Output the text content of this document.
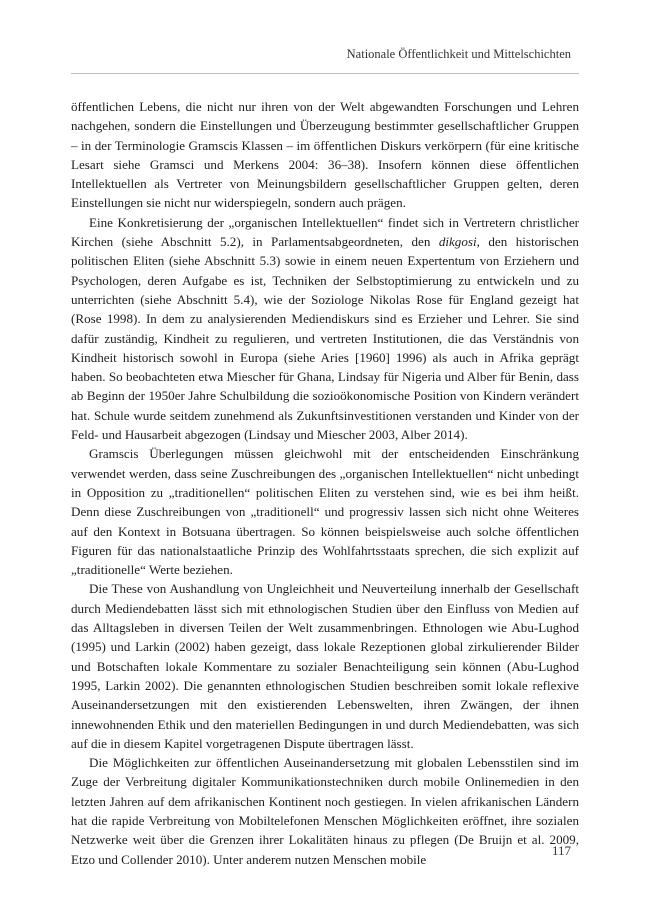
Nationale Öffentlichkeit und Mittelschichten

öffentlichen Lebens, die nicht nur ihren von der Welt abgewandten Forschungen und Lehren nachgehen, sondern die Einstellungen und Überzeugung bestimmter gesellschaftlicher Gruppen – in der Terminologie Gramscis Klassen – im öffentlichen Diskurs verkörpern (für eine kritische Lesart siehe Gramsci und Merkens 2004: 36–38). Insofern können diese öffentlichen Intellektuellen als Vertreter von Meinungsbildern gesellschaftlicher Gruppen gelten, deren Einstellungen sie nicht nur widerspiegeln, sondern auch prägen.

Eine Konkretisierung der „organischen Intellektuellen“ findet sich in Vertretern christlicher Kirchen (siehe Abschnitt 5.2), in Parlamentsabgeordneten, den dikgosi, den historischen politischen Eliten (siehe Abschnitt 5.3) sowie in einem neuen Expertentum von Erziehern und Psychologen, deren Aufgabe es ist, Techniken der Selbstoptimierung zu entwickeln und zu unterrichten (siehe Abschnitt 5.4), wie der Soziologe Nikolas Rose für England gezeigt hat (Rose 1998). In dem zu analysierenden Mediendiskurs sind es Erzieher und Lehrer. Sie sind dafür zuständig, Kindheit zu regulieren, und vertreten Institutionen, die das Verständnis von Kindheit historisch sowohl in Europa (siehe Aries [1960] 1996) als auch in Afrika geprägt haben. So beobachteten etwa Miescher für Ghana, Lindsay für Nigeria und Alber für Benin, dass ab Beginn der 1950er Jahre Schulbildung die sozioökonomische Position von Kindern verändert hat. Schule wurde seitdem zunehmend als Zukunftsinvestitionen verstanden und Kinder von der Feld- und Hausarbeit abgezogen (Lindsay und Miescher 2003, Alber 2014).

Gramscis Überlegungen müssen gleichwohl mit der entscheidenden Einschränkung verwendet werden, dass seine Zuschreibungen des „organischen Intellektuellen“ nicht unbedingt in Opposition zu „traditionellen“ politischen Eliten zu verstehen sind, wie es bei ihm heißt. Denn diese Zuschreibungen von „traditionell“ und progressiv lassen sich nicht ohne Weiteres auf den Kontext in Botsuana übertragen. So können beispielsweise auch solche öffentlichen Figuren für das nationalstaatliche Prinzip des Wohlfahrtsstaats sprechen, die sich explizit auf „traditionelle“ Werte beziehen.

Die These von Aushandlung von Ungleichheit und Neuverteilung innerhalb der Gesellschaft durch Mediendebatten lässt sich mit ethnologischen Studien über den Einfluss von Medien auf das Alltagsleben in diversen Teilen der Welt zusammenbringen. Ethnologen wie Abu-Lughod (1995) und Larkin (2002) haben gezeigt, dass lokale Rezeptionen global zirkulierender Bilder und Botschaften lokale Kommentare zu sozialer Benachteiligung sein können (Abu-Lughod 1995, Larkin 2002). Die genannten ethnologischen Studien beschreiben somit lokale reflexive Auseinandersetzungen mit den existierenden Lebenswelten, ihren Zwängen, der ihnen innewohnenden Ethik und den materiellen Bedingungen in und durch Mediendebatten, was sich auf die in diesem Kapitel vorgetragenen Dispute übertragen lässt.

Die Möglichkeiten zur öffentlichen Auseinandersetzung mit globalen Lebensstilen sind im Zuge der Verbreitung digitaler Kommunikationstechniken durch mobile Onlinemedien in den letzten Jahren auf dem afrikanischen Kontinent noch gestiegen. In vielen afrikanischen Ländern hat die rapide Verbreitung von Mobiltelefonen Menschen Möglichkeiten eröffnet, ihre sozialen Netzwerke weit über die Grenzen ihrer Lokalitäten hinaus zu pflegen (De Bruijn et al. 2009, Etzo und Collender 2010). Unter anderem nutzen Menschen mobile

117
